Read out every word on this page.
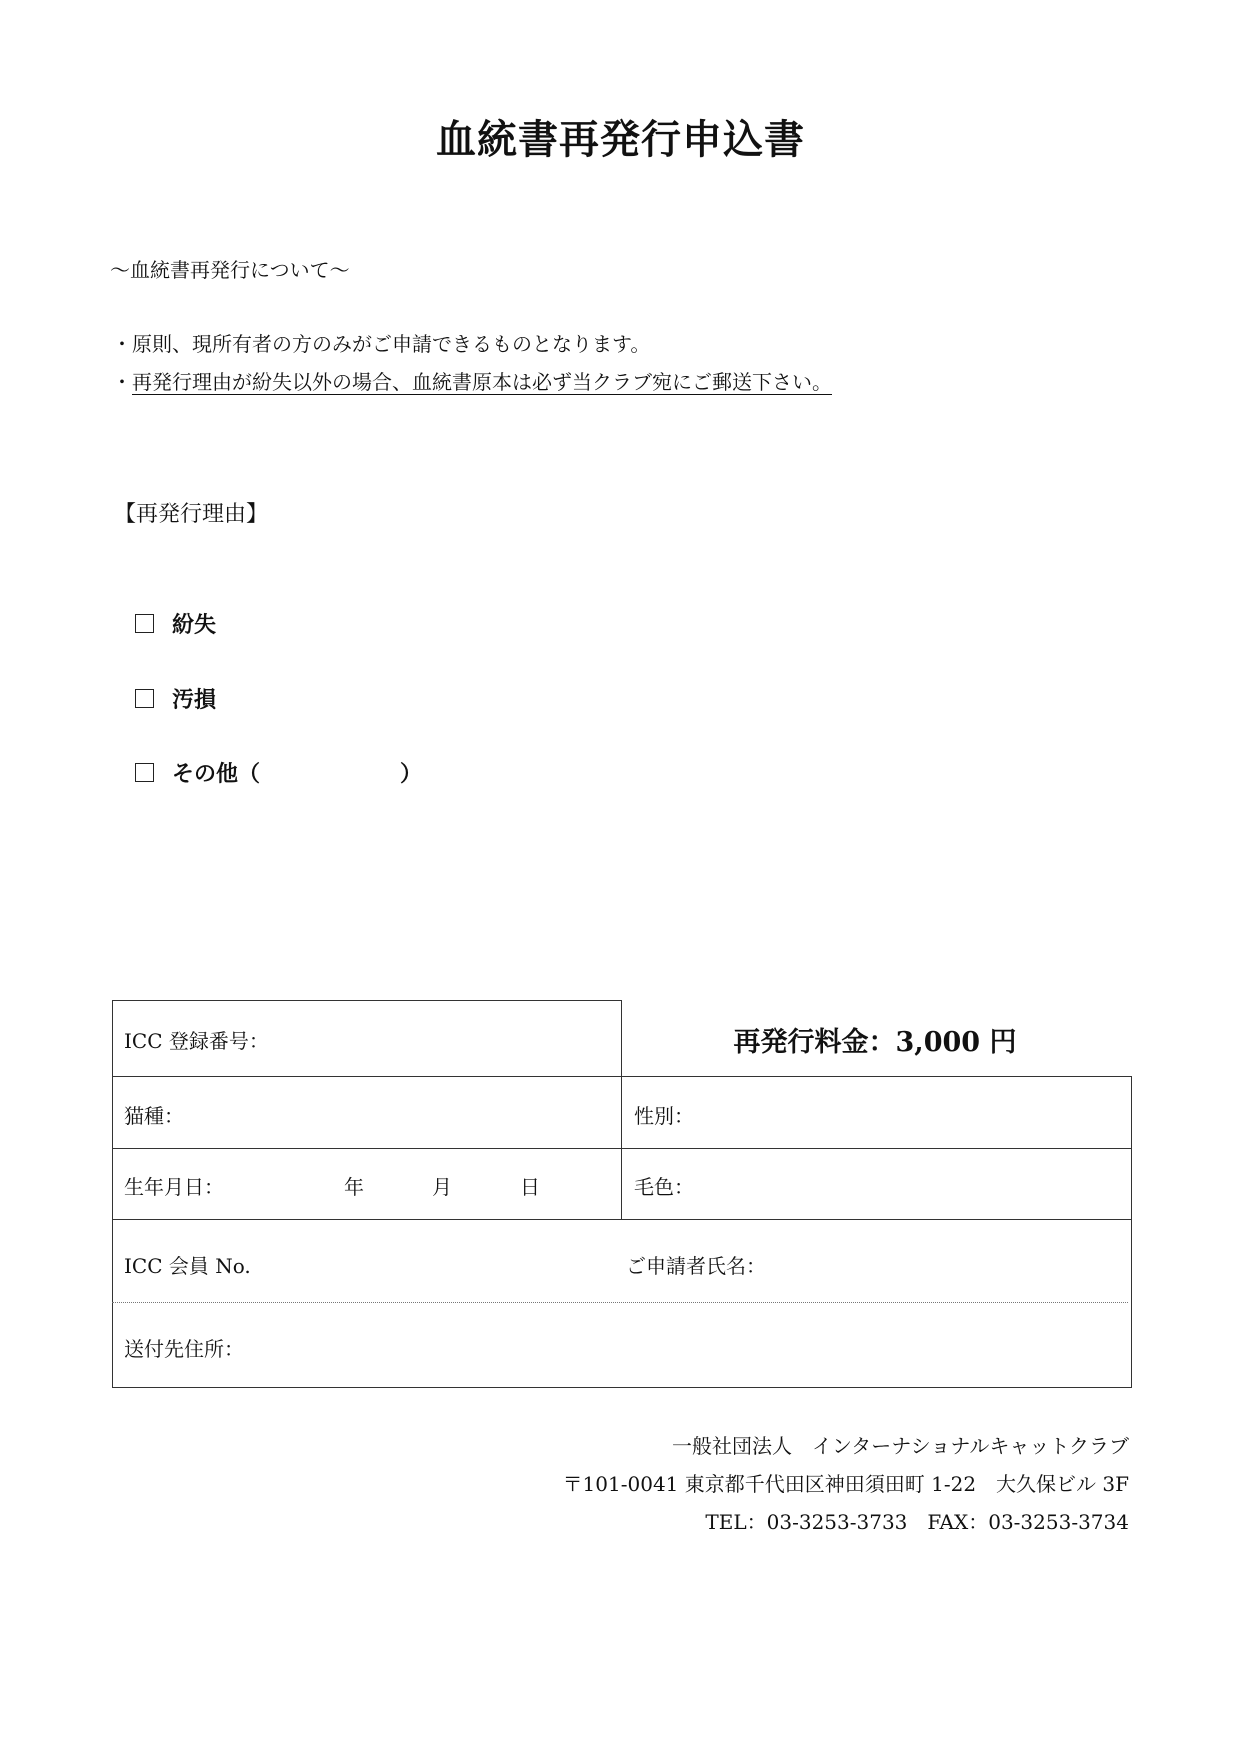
血統書再発行申込書
～血統書再発行について～
・原則、現所有者の方のみがご申請できるものとなります。
・再発行理由が紛失以外の場合、血統書原本は必ず当クラブ宛にご郵送下さい。
【再発行理由】
紛失
汚損
その他（	）
ICC 登録番号：	再発行料金：3,000 円
猫種：	性別：
生年月日：	年	月	日	毛色：
ICC 会員 No.	ご申請者氏名：
送付先住所：
一般社団法人　インターナショナルキャットクラブ
〒101-0041 東京都千代田区神田須田町 1-22　大久保ビル 3F
TEL：03-3253-3733　FAX：03-3253-3734
